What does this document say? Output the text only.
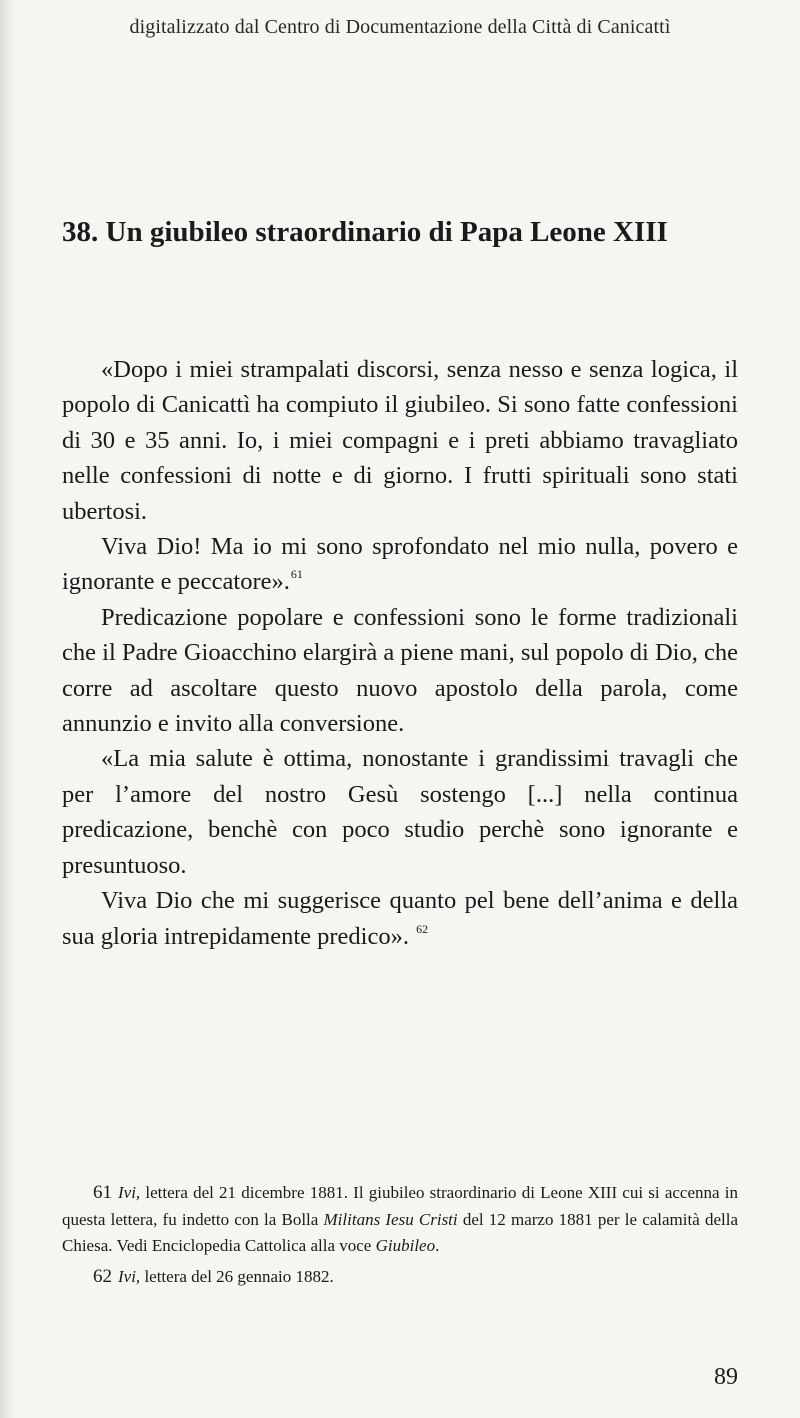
digitalizzato dal Centro di Documentazione della Città di Canicattì
38. Un giubileo straordinario di Papa Leone XIII

«Dopo i miei strampalati discorsi, senza nesso e senza logica, il popolo di Canicattì ha compiuto il giubileo. Si sono fatte confessioni di 30 e 35 anni. Io, i miei compagni e i preti abbiamo travagliato nelle confessioni di notte e di giorno. I frutti spirituali sono stati ubertosi.

Viva Dio! Ma io mi sono sprofondato nel mio nulla, povero e ignorante e peccatore».$^{61}$

Predicazione popolare e confessioni sono le forme tradizionali che il Padre Gioacchino elargirà a piene mani, sul popolo di Dio, che corre ad ascoltare questo nuovo apostolo della parola, come annunzio e invito alla conversione.

«La mia salute è ottima, nonostante i grandissimi travagli che per l’amore del nostro Gesù sostengo [...] nella continua predicazione, benchè con poco studio perchè sono ignorante e presuntuoso.

Viva Dio che mi suggerisce quanto pel bene dell’anima e della sua gloria intrepidamente predico». $^{62}$

61 Ivi, lettera del 21 dicembre 1881. Il giubileo straordinario di Leone XIII cui si accenna in questa lettera, fu indetto con la Bolla Militans Iesu Cristi del 12 marzo 1881 per le calamità della Chiesa. Vedi Enciclopedia Cattolica alla voce Giubileo.

62 Ivi, lettera del 26 gennaio 1882.

89
